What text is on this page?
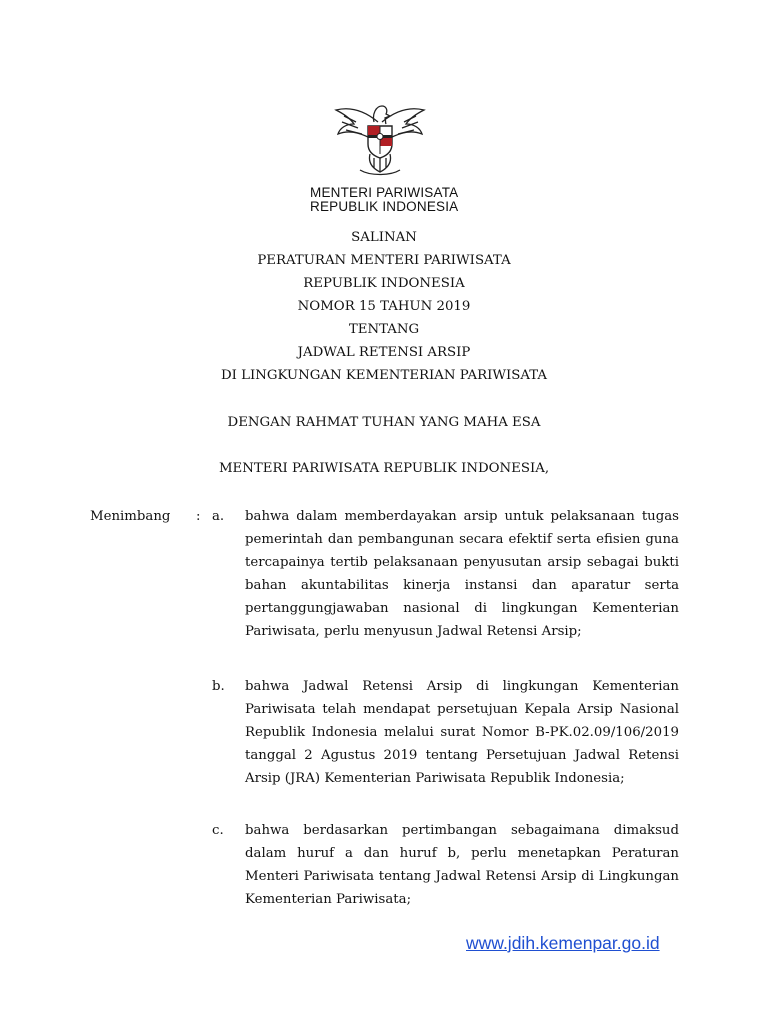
MENTERI PARIWISATA
REPUBLIK INDONESIA
SALINAN
PERATURAN MENTERI PARIWISATA
REPUBLIK INDONESIA
NOMOR 15 TAHUN 2019
TENTANG
JADWAL RETENSI ARSIP
DI LINGKUNGAN KEMENTERIAN PARIWISATA
DENGAN RAHMAT TUHAN YANG MAHA ESA
MENTERI PARIWISATA REPUBLIK INDONESIA,
Menimbang : a. bahwa dalam memberdayakan arsip untuk pelaksanaan tugas pemerintah dan pembangunan secara efektif serta efisien guna tercapainya tertib pelaksanaan penyusutan arsip sebagai bukti bahan akuntabilitas kinerja instansi dan aparatur serta pertanggungjawaban nasional di lingkungan Kementerian Pariwisata, perlu menyusun Jadwal Retensi Arsip;
b. bahwa Jadwal Retensi Arsip di lingkungan Kementerian Pariwisata telah mendapat persetujuan Kepala Arsip Nasional Republik Indonesia melalui surat Nomor B-PK.02.09/106/2019 tanggal 2 Agustus 2019 tentang Persetujuan Jadwal Retensi Arsip (JRA) Kementerian Pariwisata Republik Indonesia;
c. bahwa berdasarkan pertimbangan sebagaimana dimaksud dalam huruf a dan huruf b, perlu menetapkan Peraturan Menteri Pariwisata tentang Jadwal Retensi Arsip di Lingkungan Kementerian Pariwisata;
www.jdih.kemenpar.go.id
